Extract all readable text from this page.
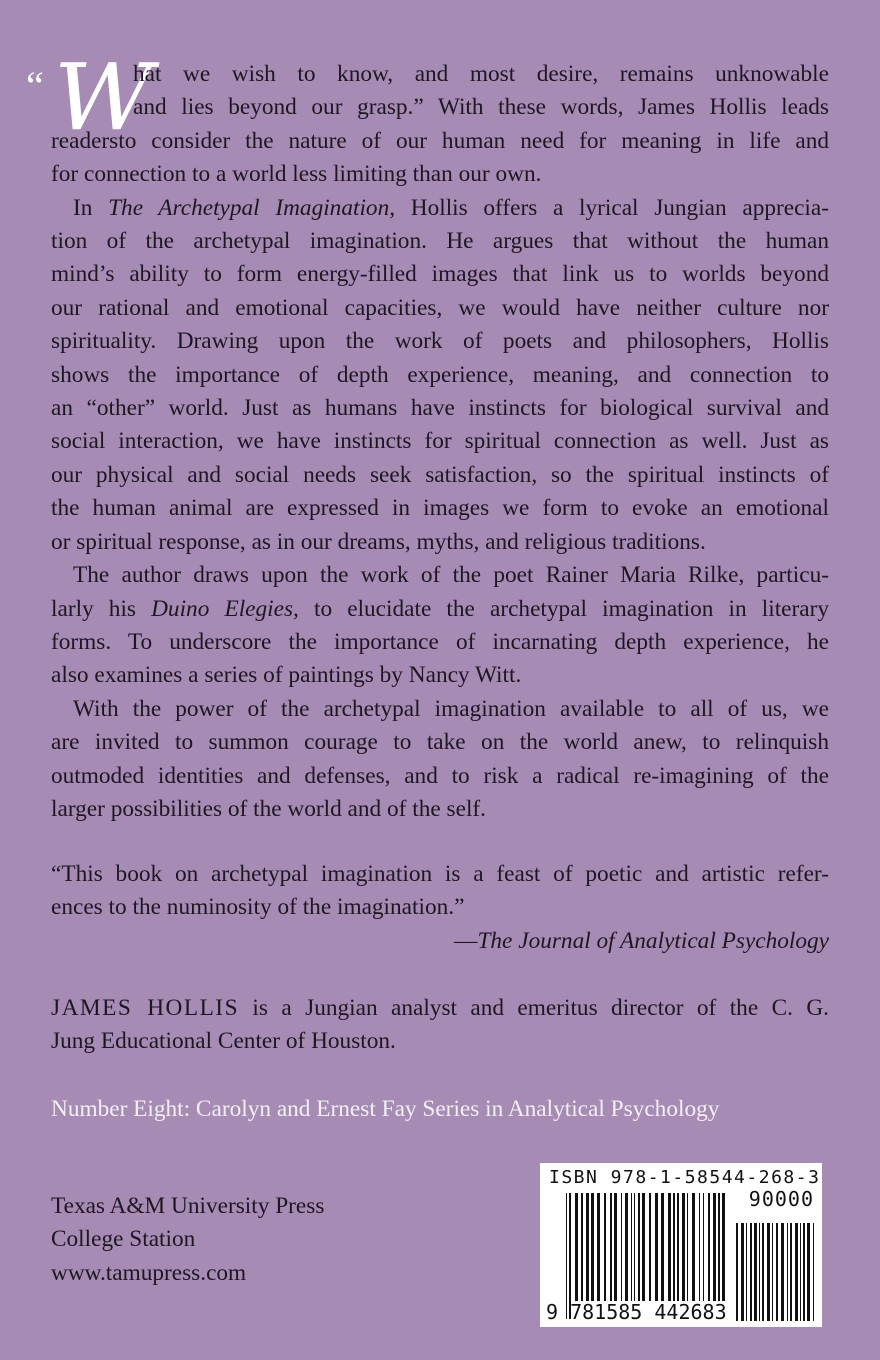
“ W
hat we wish to know, and most desire, remains unknowable
and lies beyond our grasp.” With these words, James Hollis leads
readersto consider the nature of our human need for meaning in life and
for connection to a world less limiting than our own.
In The Archetypal Imagination, Hollis offers a lyrical Jungian apprecia-
tion of the archetypal imagination. He argues that without the human
mind’s ability to form energy-filled images that link us to worlds beyond
our rational and emotional capacities, we would have neither culture nor
spirituality. Drawing upon the work of poets and philosophers, Hollis
shows the importance of depth experience, meaning, and connection to
an “other” world. Just as humans have instincts for biological survival and
social interaction, we have instincts for spiritual connection as well. Just as
our physical and social needs seek satisfaction, so the spiritual instincts of
the human animal are expressed in images we form to evoke an emotional
or spiritual response, as in our dreams, myths, and religious traditions.
The author draws upon the work of the poet Rainer Maria Rilke, particu-
larly his Duino Elegies, to elucidate the archetypal imagination in literary
forms. To underscore the importance of incarnating depth experience, he
also examines a series of paintings by Nancy Witt.
With the power of the archetypal imagination available to all of us, we
are invited to summon courage to take on the world anew, to relinquish
outmoded identities and defenses, and to risk a radical re-imagining of the
larger possibilities of the world and of the self.
“This book on archetypal imagination is a feast of poetic and artistic refer-
ences to the numinosity of the imagination.”
—The Journal of Analytical Psychology
JAMES HOLLIS is a Jungian analyst and emeritus director of the C. G.
Jung Educational Center of Houston.
Number Eight: Carolyn and Ernest Fay Series in Analytical Psychology
Texas A&M University Press
College Station
www.tamupress.com
ISBN 978-1-58544-268-3
90000
9 781585 442683
